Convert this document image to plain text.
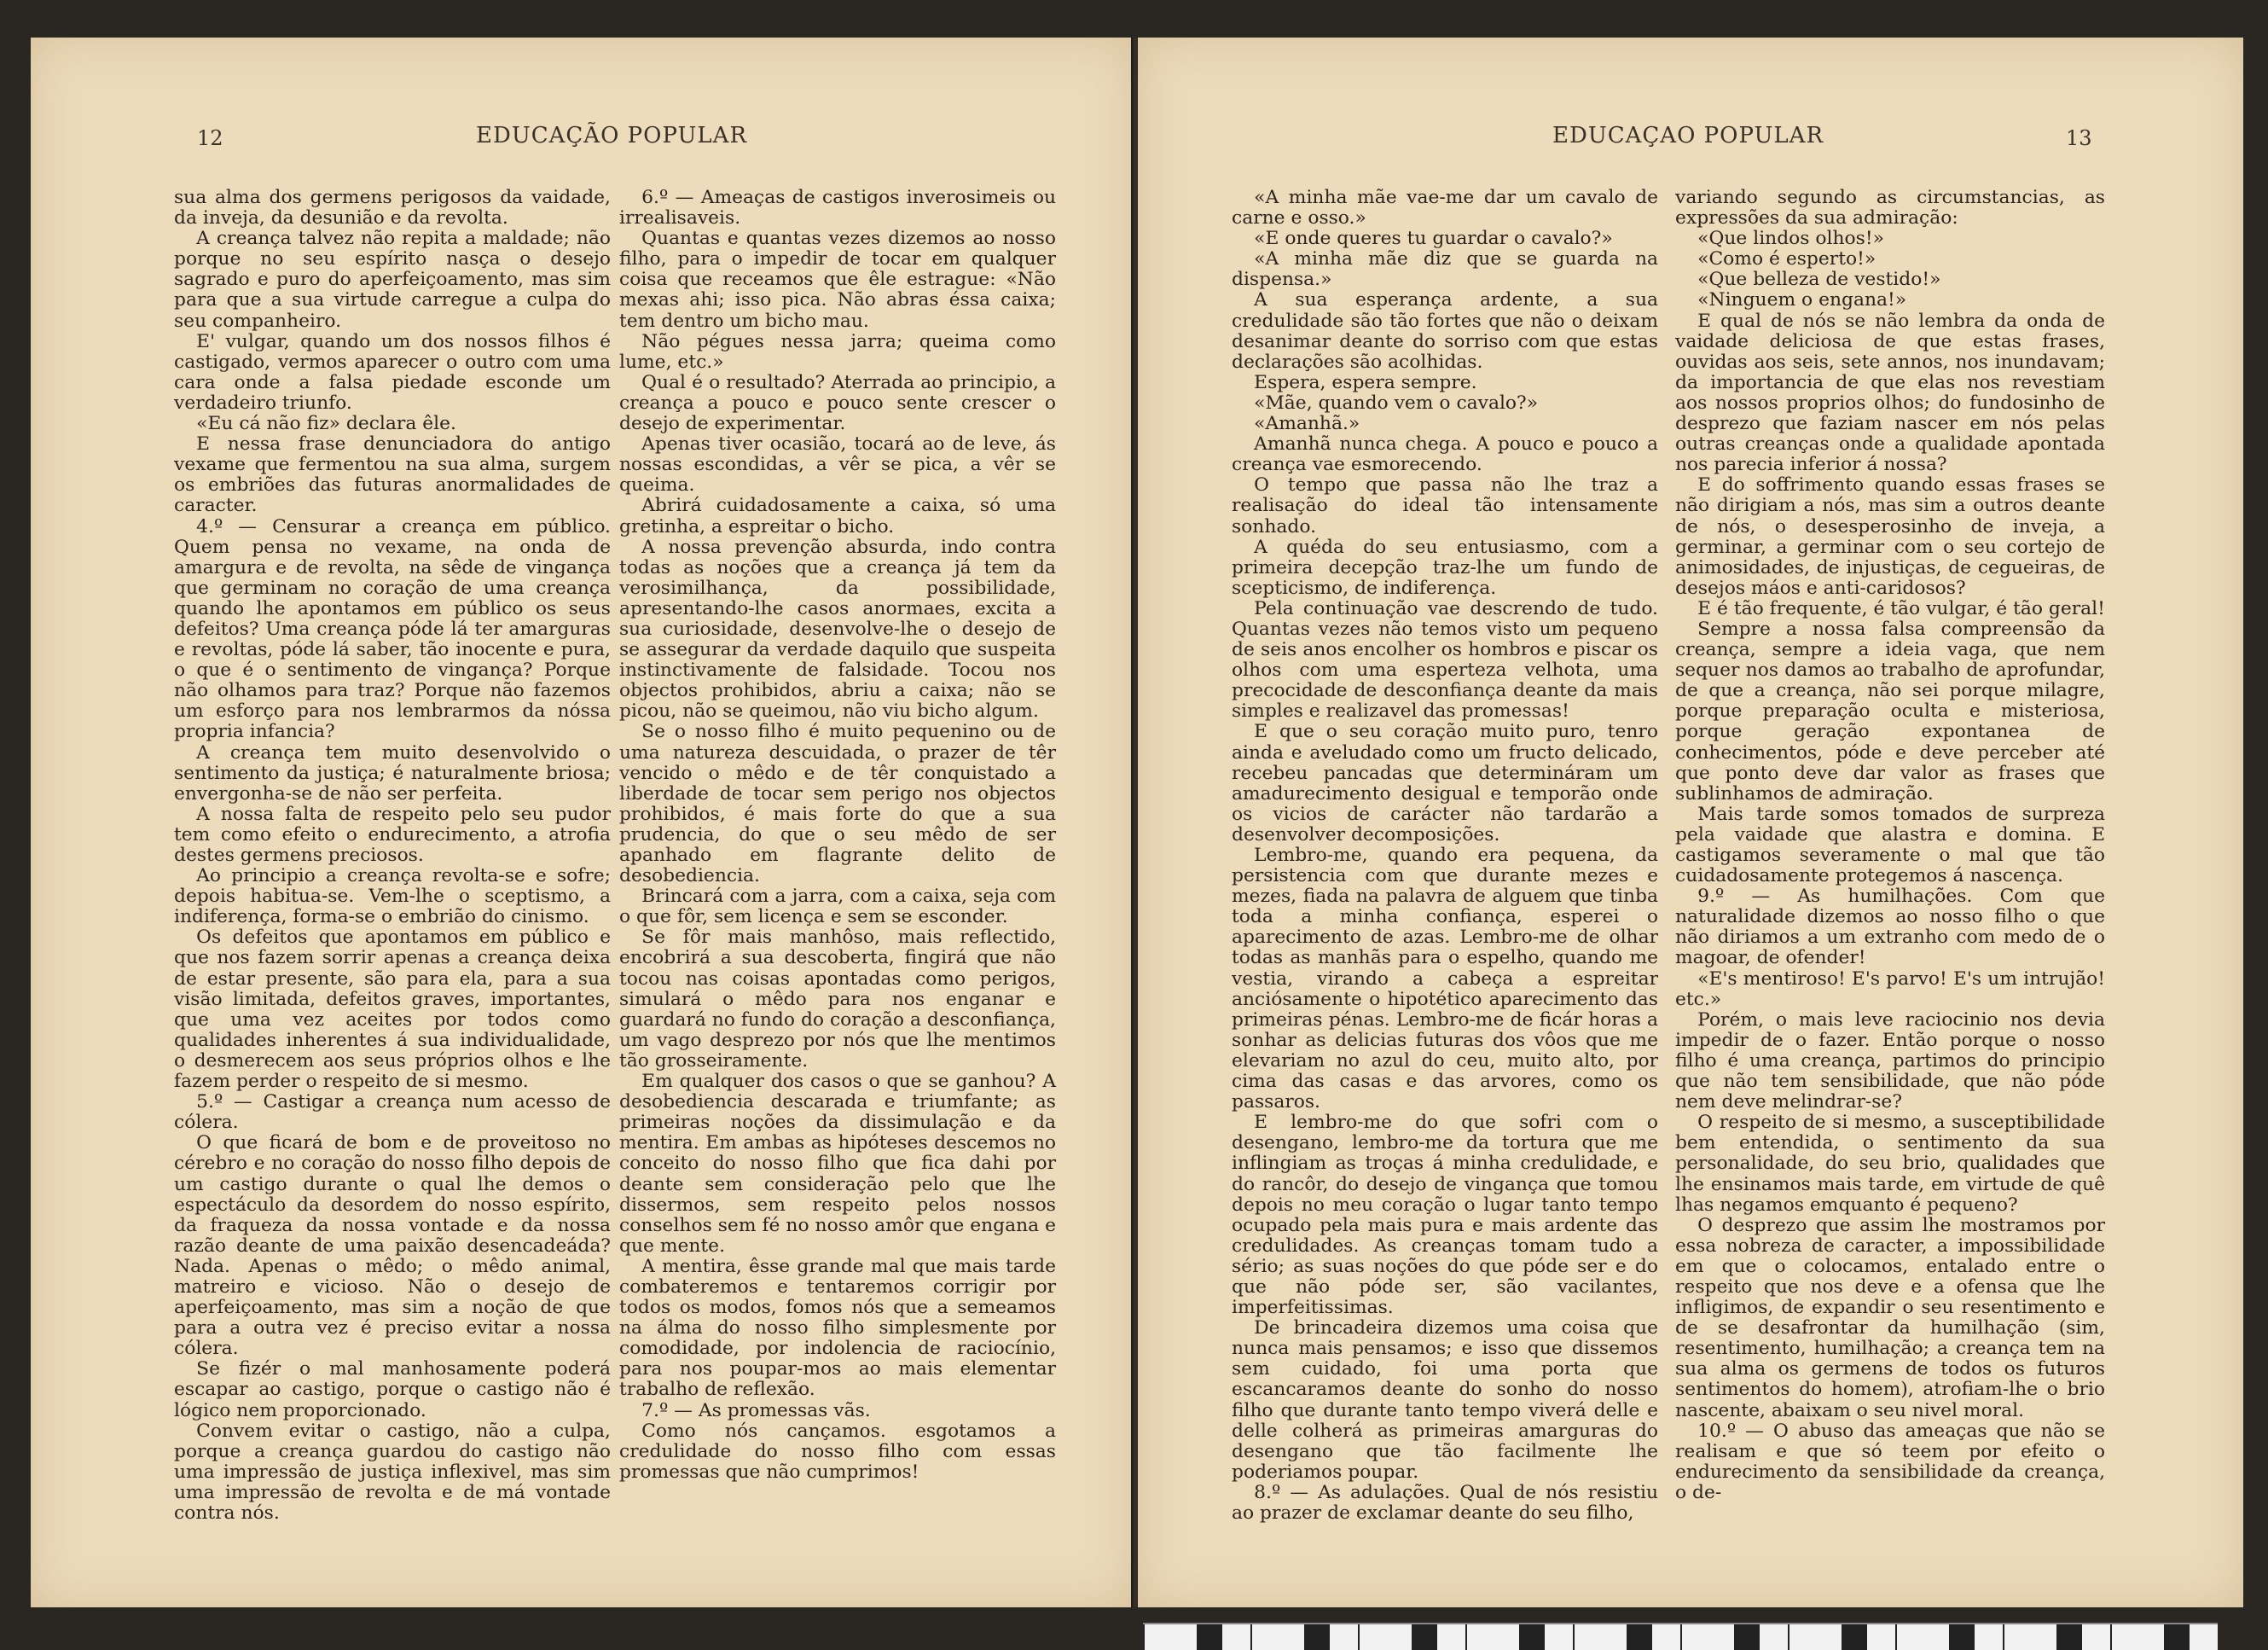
12	EDUCAÇÃO POPULAR

sua alma dos germens perigosos da vaidade, da inveja, da desunião e da revolta.

A creança talvez não repita a maldade; não porque no seu espírito nasça o desejo sagrado e puro do aperfeiçoamento, mas sim para que a sua virtude carregue a culpa do seu companheiro.

E' vulgar, quando um dos nossos filhos é castigado, vermos aparecer o outro com uma cara onde a falsa piedade esconde um verdadeiro triunfo.

«Eu cá não fiz» declara êle.

E nessa frase denunciadora do antigo vexame que fermentou na sua alma, surgem os embriões das futuras anormalidades de caracter.

4.º — Censurar a creança em público. Quem pensa no vexame, na onda de amargura e de revolta, na sêde de vingança que germinam no coração de uma creança quando lhe apontamos em público os seus defeitos? Uma creança póde lá ter amarguras e revoltas, póde lá saber, tão inocente e pura, o que é o sentimento de vingança? Porque não olhamos para traz? Porque não fazemos um esforço para nos lembrarmos da nóssa propria infancia?

A creança tem muito desenvolvido o sentimento da justiça; é naturalmente briosa; envergonha-se de não ser perfeita.

A nossa falta de respeito pelo seu pudor tem como efeito o endurecimento, a atrofia destes germens preciosos.

Ao principio a creança revolta-se e sofre; depois habitua-se. Vem-lhe o sceptismo, a indiferença, forma-se o embrião do cinismo.

Os defeitos que apontamos em público e que nos fazem sorrir apenas a creança deixa de estar presente, são para ela, para a sua visão limitada, defeitos graves, importantes, que uma vez aceites por todos como qualidades inherentes á sua individualidade, o desmerecem aos seus próprios olhos e lhe fazem perder o respeito de si mesmo.

5.º — Castigar a creança num acesso de cólera.

O que ficará de bom e de proveitoso no cérebro e no coração do nosso filho depois de um castigo durante o qual lhe demos o espectáculo da desordem do nosso espírito, da fraqueza da nossa vontade e da nossa razão deante de uma paixão desencadeáda? Nada. Apenas o mêdo; o mêdo animal, matreiro e vicioso. Não o desejo de aperfeiçoamento, mas sim a noção de que para a outra vez é preciso evitar a nossa cólera.

Se fizér o mal manhosamente poderá escapar ao castigo, porque o castigo não é lógico nem proporcionado.

Convem evitar o castigo, não a culpa, porque a creança guardou do castigo não uma impressão de justiça inflexivel, mas sim uma impressão de revolta e de má vontade contra nós.

6.º — Ameaças de castigos inverosimeis ou irrealisaveis.

Quantas e quantas vezes dizemos ao nosso filho, para o impedir de tocar em qualquer coisa que receamos que êle estrague: «Não mexas ahi; isso pica. Não abras éssa caixa; tem dentro um bicho mau.

Não pégues nessa jarra; queima como lume, etc.»

Qual é o resultado? Aterrada ao principio, a creança a pouco e pouco sente crescer o desejo de experimentar.

Apenas tiver ocasião, tocará ao de leve, ás nossas escondidas, a vêr se pica, a vêr se queima.

Abrirá cuidadosamente a caixa, só uma gretinha, a espreitar o bicho.

A nossa prevenção absurda, indo contra todas as noções que a creança já tem da verosimilhança, da possibilidade, apresentando-lhe casos anormaes, excita a sua curiosidade, desenvolve-lhe o desejo de se assegurar da verdade daquilo que suspeita instinctivamente de falsidade. Tocou nos objectos prohibidos, abriu a caixa; não se picou, não se queimou, não viu bicho algum.

Se o nosso filho é muito pequenino ou de uma natureza descuidada, o prazer de têr vencido o mêdo e de têr conquistado a liberdade de tocar sem perigo nos objectos prohibidos, é mais forte do que a sua prudencia, do que o seu mêdo de ser apanhado em flagrante delito de desobediencia.

Brincará com a jarra, com a caixa, seja com o que fôr, sem licença e sem se esconder.

Se fôr mais manhôso, mais reflectido, encobrirá a sua descoberta, fingirá que não tocou nas coisas apontadas como perigos, simulará o mêdo para nos enganar e guardará no fundo do coração a desconfiança, um vago desprezo por nós que lhe mentimos tão grosseiramente.

Em qualquer dos casos o que se ganhou? A desobediencia descarada e triumfante; as primeiras noções da dissimulação e da mentira. Em ambas as hipóteses descemos no conceito do nosso filho que fica dahi por deante sem consideração pelo que lhe dissermos, sem respeito pelos nossos conselhos sem fé no nosso amôr que engana e que mente.

A mentira, êsse grande mal que mais tarde combateremos e tentaremos corrigir por todos os modos, fomos nós que a semeamos na álma do nosso filho simplesmente por comodidade, por indolencia de raciocínio, para nos poupar-mos ao mais elementar trabalho de reflexão.

7.º — As promessas vãs.

Como nós cançamos. esgotamos a credulidade do nosso filho com essas promessas que não cumprimos!

EDUCAÇAO POPULAR	13

«A minha mãe vae-me dar um cavalo de carne e osso.»

«E onde queres tu guardar o cavalo?»

«A minha mãe diz que se guarda na dispensa.»

A sua esperança ardente, a sua credulidade são tão fortes que não o deixam desanimar deante do sorriso com que estas declarações são acolhidas.

Espera, espera sempre.

«Mãe, quando vem o cavalo?»

«Amanhã.»

Amanhã nunca chega. A pouco e pouco a creança vae esmorecendo.

O tempo que passa não lhe traz a realisação do ideal tão intensamente sonhado.

A quéda do seu entusiasmo, com a primeira decepção traz-lhe um fundo de scepticismo, de indiferença.

Pela continuação vae descrendo de tudo. Quantas vezes não temos visto um pequeno de seis anos encolher os hombros e piscar os olhos com uma esperteza velhota, uma precocidade de desconfiança deante da mais simples e realizavel das promessas!

E que o seu coração muito puro, tenro ainda e aveludado como um fructo delicado, recebeu pancadas que determináram um amadurecimento desigual e temporão onde os vicios de carácter não tardarão a desenvolver decomposições.

Lembro-me, quando era pequena, da persistencia com que durante mezes e mezes, fiada na palavra de alguem que tinba toda a minha confiança, esperei o aparecimento de azas. Lembro-me de olhar todas as manhãs para o espelho, quando me vestia, virando a cabeça a espreitar anciósamente o hipotético aparecimento das primeiras pénas. Lembro-me de ficár horas a sonhar as delicias futuras dos vôos que me elevariam no azul do ceu, muito alto, por cima das casas e das arvores, como os passaros.

E lembro-me do que sofri com o desengano, lembro-me da tortura que me inflingiam as troças á minha credulidade, e do rancôr, do desejo de vingança que tomou depois no meu coração o lugar tanto tempo ocupado pela mais pura e mais ardente das credulidades. As creanças tomam tudo a sério; as suas noções do que póde ser e do que não póde ser, são vacilantes, imperfeitissimas.

De brincadeira dizemos uma coisa que nunca mais pensamos; e isso que dissemos sem cuidado, foi uma porta que escancaramos deante do sonho do nosso filho que durante tanto tempo viverá delle e delle colherá as primeiras amarguras do desengano que tão facilmente lhe poderiamos poupar.

8.º — As adulações. Qual de nós resistiu ao prazer de exclamar deante do seu filho,

variando segundo as circumstancias, as expressões da sua admiração:

«Que lindos olhos!»

«Como é esperto!»

«Que belleza de vestido!»

«Ninguem o engana!»

E qual de nós se não lembra da onda de vaidade deliciosa de que estas frases, ouvidas aos seis, sete annos, nos inundavam; da importancia de que elas nos revestiam aos nossos proprios olhos; do fundosinho de desprezo que faziam nascer em nós pelas outras creanças onde a qualidade apontada nos parecia inferior á nossa?

E do soffrimento quando essas frases se não dirigiam a nós, mas sim a outros deante de nós, o desesperosinho de inveja, a germinar, a germinar com o seu cortejo de animosidades, de injustiças, de cegueiras, de desejos máos e anti-caridosos?

E é tão frequente, é tão vulgar, é tão geral!

Sempre a nossa falsa compreensão da creança, sempre a ideia vaga, que nem sequer nos damos ao trabalho de aprofundar, de que a creança, não sei porque milagre, porque preparação oculta e misteriosa, porque geração expontanea de conhecimentos, póde e deve perceber até que ponto deve dar valor as frases que sublinhamos de admiração.

Mais tarde somos tomados de surpreza pela vaidade que alastra e domina. E castigamos severamente o mal que tão cuidadosamente protegemos á nascença.

9.º — As humilhações. Com que naturalidade dizemos ao nosso filho o que não diriamos a um extranho com medo de o magoar, de ofender!

«E's mentiroso! E's parvo! E's um intrujão! etc.»

Porém, o mais leve raciocinio nos devia impedir de o fazer. Então porque o nosso filho é uma creança, partimos do principio que não tem sensibilidade, que não póde nem deve melindrar-se?

O respeito de si mesmo, a susceptibilidade bem entendida, o sentimento da sua personalidade, do seu brio, qualidades que lhe ensinamos mais tarde, em virtude de quê lhas negamos emquanto é pequeno?

O desprezo que assim lhe mostramos por essa nobreza de caracter, a impossibilidade em que o colocamos, entalado entre o respeito que nos deve e a ofensa que lhe infligimos, de expandir o seu resentimento e de se desafrontar da humilhação (sim, resentimento, humilhação; a creança tem na sua alma os germens de todos os futuros sentimentos do homem), atrofiam-lhe o brio nascente, abaixam o seu nivel moral.

10.º — O abuso das ameaças que não se realisam e que só teem por efeito o endurecimento da sensibilidade da creança, o de-
